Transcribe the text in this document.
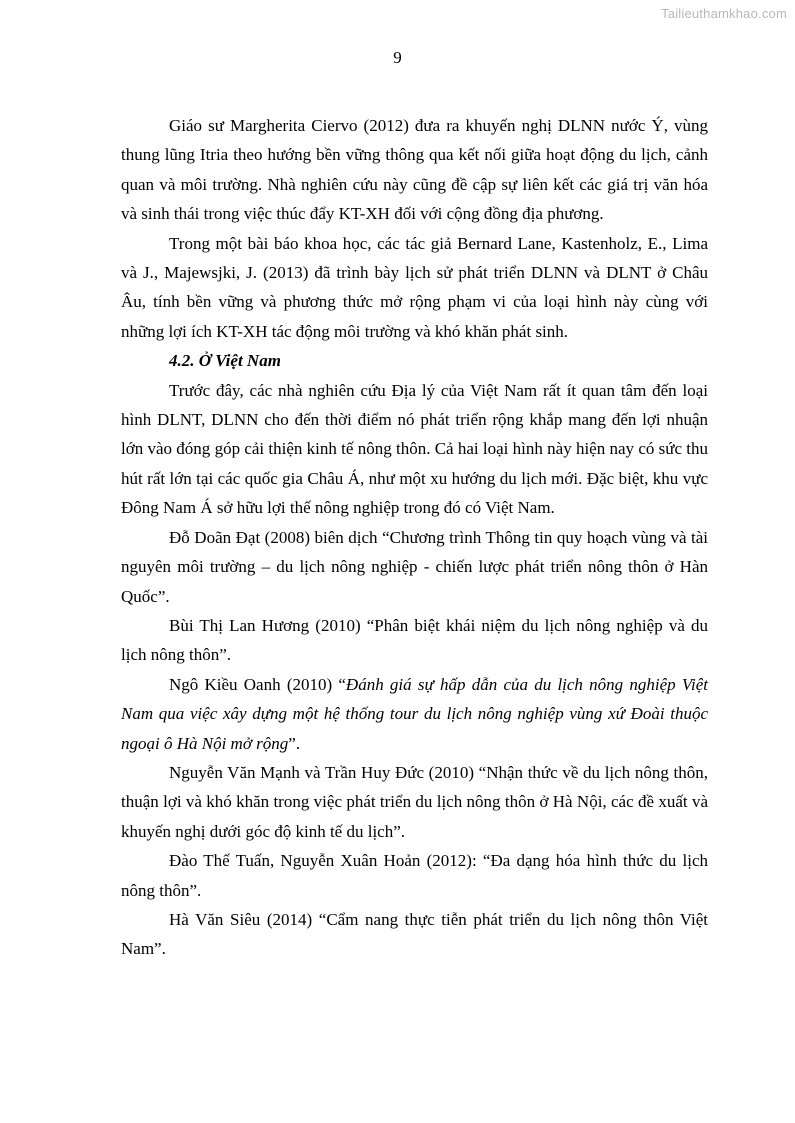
Tailieuthamkhao.com
9

Giáo sư Margherita Ciervo (2012) đưa ra khuyến nghị DLNN nước Ý, vùng thung lũng Itria theo hướng bền vững thông qua kết nối giữa hoạt động du lịch, cảnh quan và môi trường. Nhà nghiên cứu này cũng đề cập sự liên kết các giá trị văn hóa và sinh thái trong việc thúc đẩy KT-XH đối với cộng đồng địa phương.

Trong một bài báo khoa học, các tác giả Bernard Lane, Kastenholz, E., Lima và J., Majewsjki, J. (2013) đã trình bày lịch sử phát triển DLNN và DLNT ở Châu Âu, tính bền vững và phương thức mở rộng phạm vi của loại hình này cùng với những lợi ích KT-XH tác động môi trường và khó khăn phát sinh.

4.2. Ở Việt Nam

Trước đây, các nhà nghiên cứu Địa lý của Việt Nam rất ít quan tâm đến loại hình DLNT, DLNN cho đến thời điểm nó phát triển rộng khắp mang đến lợi nhuận lớn vào đóng góp cải thiện kinh tế nông thôn. Cả hai loại hình này hiện nay có sức thu hút rất lớn tại các quốc gia Châu Á, như một xu hướng du lịch mới. Đặc biệt, khu vực Đông Nam Á sở hữu lợi thế nông nghiệp trong đó có Việt Nam.

Đỗ Doãn Đạt (2008) biên dịch “Chương trình Thông tin quy hoạch vùng và tài nguyên môi trường – du lịch nông nghiệp - chiến lược phát triển nông thôn ở Hàn Quốc”.

Bùi Thị Lan Hương (2010) “Phân biệt khái niệm du lịch nông nghiệp và du lịch nông thôn”.

Ngô Kiều Oanh (2010) “Đánh giá sự hấp dẫn của du lịch nông nghiệp Việt Nam qua việc xây dựng một hệ thống tour du lịch nông nghiệp vùng xứ Đoài thuộc ngoại ô Hà Nội mở rộng”.

Nguyễn Văn Mạnh và Trần Huy Đức (2010) “Nhận thức về du lịch nông thôn, thuận lợi và khó khăn trong việc phát triển du lịch nông thôn ở Hà Nội, các đề xuất và khuyến nghị dưới góc độ kinh tế du lịch”.

Đào Thế Tuấn, Nguyễn Xuân Hoản (2012): “Đa dạng hóa hình thức du lịch nông thôn”.

Hà Văn Siêu (2014) “Cẩm nang thực tiễn phát triển du lịch nông thôn Việt Nam”.
